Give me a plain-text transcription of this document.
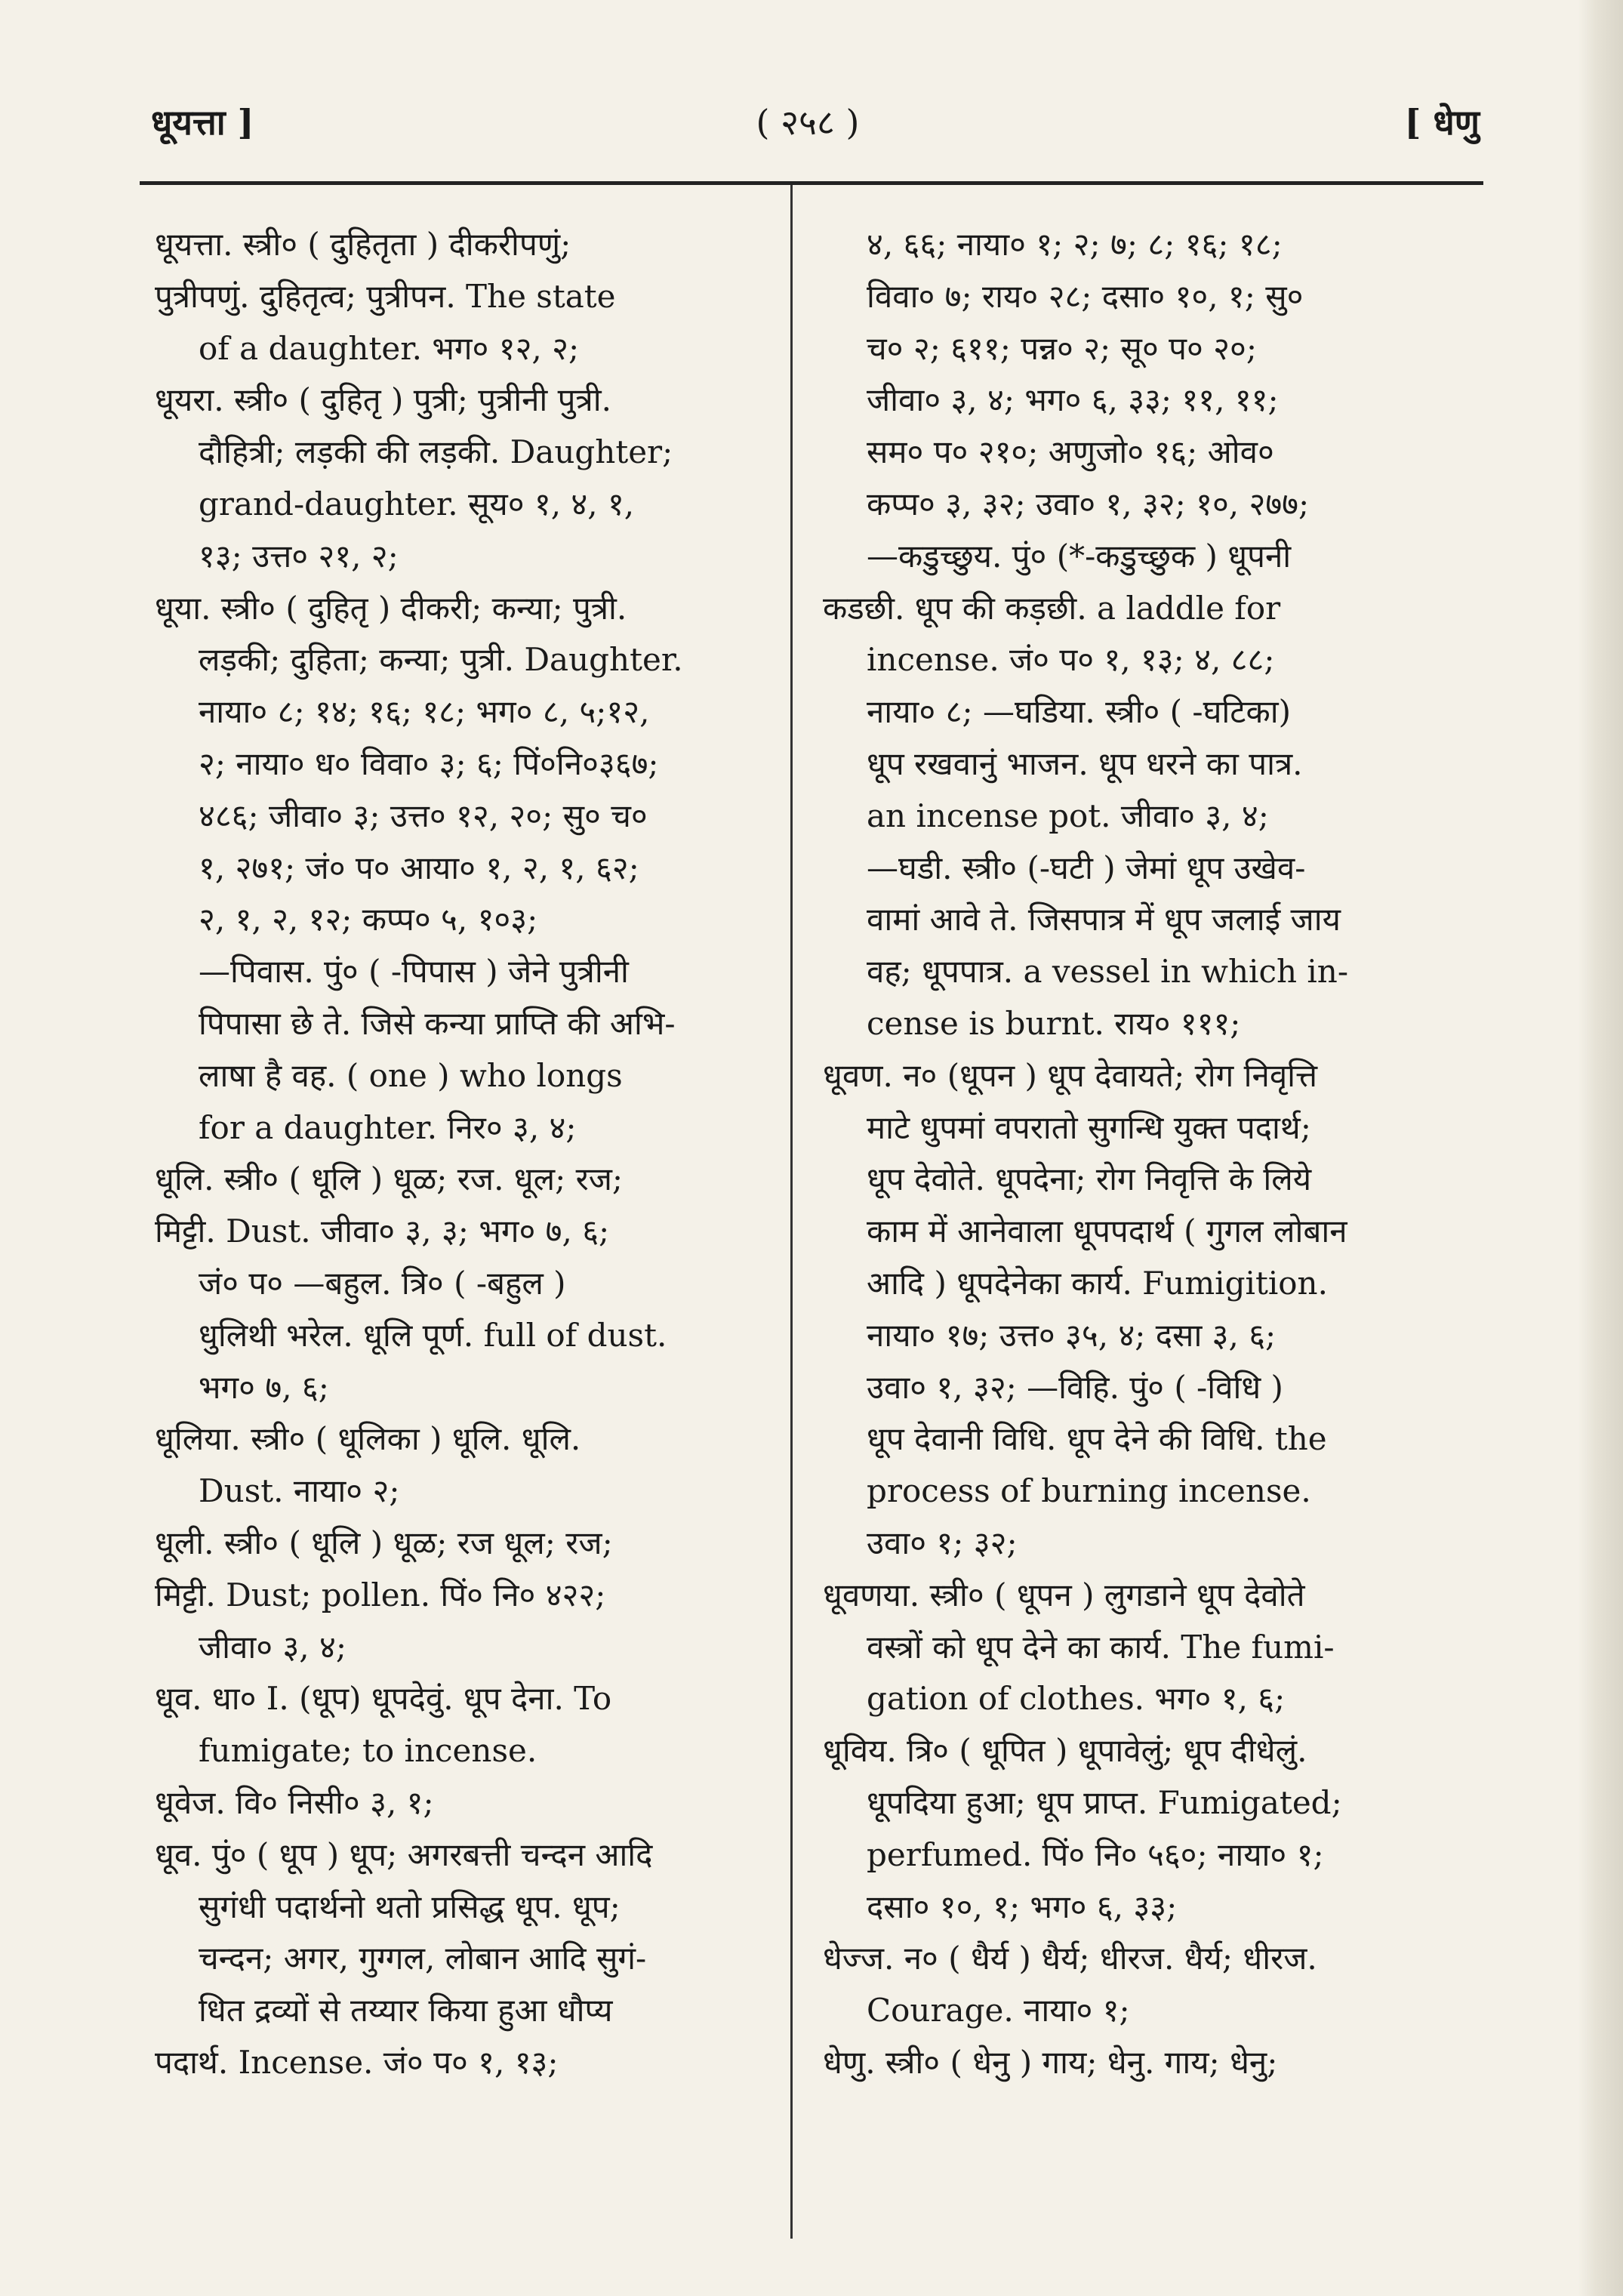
धूयत्ता ]	( २५८ )	[ धेणु
धूयत्ता. स्त्री० ( दुहितृता ) दीकरीपणुं;
पुत्रीपणुं. दुहितृत्व; पुत्रीपन. The state
of a daughter. भग० १२, २;
धूयरा. स्त्री० ( दुहितृ ) पुत्री; पुत्रीनी पुत्री.
दौहित्री; लड़की की लड़की. Daughter;
grand-daughter. सूय० १, ४, १,
१३; उत्त० २१, २;
धूया. स्त्री० ( दुहितृ ) दीकरी; कन्या; पुत्री.
लड़की; दुहिता; कन्या; पुत्री. Daughter.
नाया० ८; १४; १६; १८; भग० ८, ५;१२,
२; नाया० ध० विवा० ३; ६; पिं०नि०३६७;
४८६; जीवा० ३; उत्त० १२, २०; सु० च०
१, २७१; जं० प० आया० १, २, १, ६२;
२, १, २, १२; कप्प० ५, १०३;
—पिवास. पुं० ( -पिपास ) जेने पुत्रीनी
पिपासा छे ते. जिसे कन्या प्राप्ति की अभि-
लाषा है वह. ( one ) who longs
for a daughter. निर० ३, ४;
धूलि. स्त्री० ( धूलि ) धूळ; रज. धूल; रज;
मिट्टी. Dust. जीवा० ३, ३; भग० ७, ६;
जं० प० —बहुल. त्रि० ( -बहुल )
धुलिथी भरेल. धूलि पूर्ण. full of dust.
भग० ७, ६;
धूलिया. स्त्री० ( धूलिका ) धूलि. धूलि.
Dust. नाया० २;
धूली. स्त्री० ( धूलि ) धूळ; रज धूल; रज;
मिट्टी. Dust; pollen. पिं० नि० ४२२;
जीवा० ३, ४;
धूव. धा० I. (धूप) धूपदेवुं. धूप देना. To
fumigate; to incense.
धूवेज. वि० निसी० ३, १;
धूव. पुं० ( धूप ) धूप; अगरबत्ती चन्दन आदि
सुगंधी पदार्थनो थतो प्रसिद्ध धूप. धूप;
चन्दन; अगर, गुग्गल, लोबान आदि सुगं-
धित द्रव्यों से तय्यार किया हुआ धौप्य
पदार्थ. Incense. जं० प० १, १३;
४, ६६; नाया० १; २; ७; ८; १६; १८;
विवा० ७; राय० २८; दसा० १०, १; सु०
च० २; ६११; पन्न० २; सू० प० २०;
जीवा० ३, ४; भग० ६, ३३; ११, ११;
सम० प० २१०; अणुजो० १६; ओव०
कप्प० ३, ३२; उवा० १, ३२; १०, २७७;
—कडुच्छुय. पुं० (*-कडुच्छुक ) धूपनी
कडछी. धूप की कड़छी. a laddle for
incense. जं० प० १, १३; ४, ८८;
नाया० ८; —घडिया. स्त्री० ( -घटिका)
धूप रखवानुं भाजन. धूप धरने का पात्र.
an incense pot. जीवा० ३, ४;
—घडी. स्त्री० (-घटी ) जेमां धूप उखेव-
वामां आवे ते. जिसपात्र में धूप जलाई जाय
वह; धूपपात्र. a vessel in which in-
cense is burnt. राय० १११;
धूवण. न० (धूपन ) धूप देवायते; रोग निवृत्ति
माटे धुपमां वपरातो सुगन्धि युक्त पदार्थ;
धूप देवोते. धूपदेना; रोग निवृत्ति के लिये
काम में आनेवाला धूपपदार्थ ( गुगल लोबान
आदि ) धूपदेनेका कार्य. Fumigition.
नाया० १७; उत्त० ३५, ४; दसा ३, ६;
उवा० १, ३२; —विहि. पुं० ( -विधि )
धूप देवानी विधि. धूप देने की विधि. the
process of burning incense.
उवा० १; ३२;
धूवणया. स्त्री० ( धूपन ) लुगडाने धूप देवोते
वस्त्रों को धूप देने का कार्य. The fumi-
gation of clothes. भग० १, ६;
धूविय. त्रि० ( धूपित ) धूपावेलुं; धूप दीधेलुं.
धूपदिया हुआ; धूप प्राप्त. Fumigated;
perfumed. पिं० नि० ५६०; नाया० १;
दसा० १०, १; भग० ६, ३३;
धेज्ज. न० ( धैर्य ) धैर्य; धीरज. धैर्य; धीरज.
Courage. नाया० १;
धेणु. स्त्री० ( धेनु ) गाय; धेनु. गाय; धेनु;
